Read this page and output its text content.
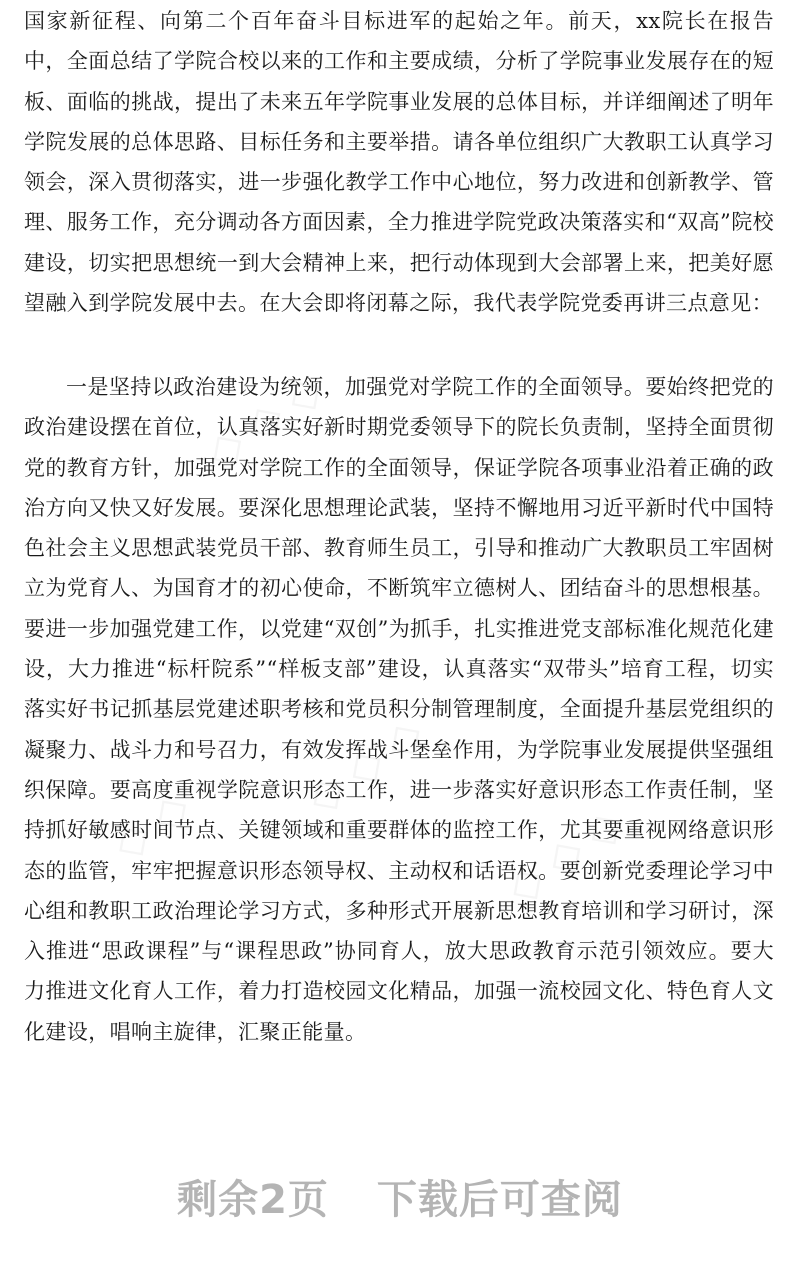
◇ ◇ ◇
◇ ◇ ◇
◇ ◇ ◇
◇ ◇

国家新征程、向第二个百年奋斗目标进军的起始之年。前天，xx院长在报告中，全面总结了学院合校以来的工作和主要成绩，分析了学院事业发展存在的短板、面临的挑战，提出了未来五年学院事业发展的总体目标，并详细阐述了明年学院发展的总体思路、目标任务和主要举措。请各单位组织广大教职工认真学习领会，深入贯彻落实，进一步强化教学工作中心地位，努力改进和创新教学、管理、服务工作，充分调动各方面因素，全力推进学院党政决策落实和“双高”院校建设，切实把思想统一到大会精神上来，把行动体现到大会部署上来，把美好愿望融入到学院发展中去。在大会即将闭幕之际，我代表学院党委再讲三点意见：

一是坚持以政治建设为统领，加强党对学院工作的全面领导。要始终把党的政治建设摆在首位，认真落实好新时期党委领导下的院长负责制，坚持全面贯彻党的教育方针，加强党对学院工作的全面领导，保证学院各项事业沿着正确的政治方向又快又好发展。要深化思想理论武装，坚持不懈地用习近平新时代中国特色社会主义思想武装党员干部、教育师生员工，引导和推动广大教职员工牢固树立为党育人、为国育才的初心使命，不断筑牢立德树人、团结奋斗的思想根基。要进一步加强党建工作，以党建“双创”为抓手，扎实推进党支部标准化规范化建设，大力推进“标杆院系”“样板支部”建设，认真落实“双带头”培育工程，切实落实好书记抓基层党建述职考核和党员积分制管理制度，全面提升基层党组织的凝聚力、战斗力和号召力，有效发挥战斗堡垒作用，为学院事业发展提供坚强组织保障。要高度重视学院意识形态工作，进一步落实好意识形态工作责任制，坚持抓好敏感时间节点、关键领域和重要群体的监控工作，尤其要重视网络意识形态的监管，牢牢把握意识形态领导权、主动权和话语权。要创新党委理论学习中心组和教职工政治理论学习方式，多种形式开展新思想教育培训和学习研讨，深入推进“思政课程”与“课程思政”协同育人，放大思政教育示范引领效应。要大力推进文化育人工作，着力打造校园文化精品，加强一流校园文化、特色育人文化建设，唱响主旋律，汇聚正能量。

剩余2页 下载后可查阅
